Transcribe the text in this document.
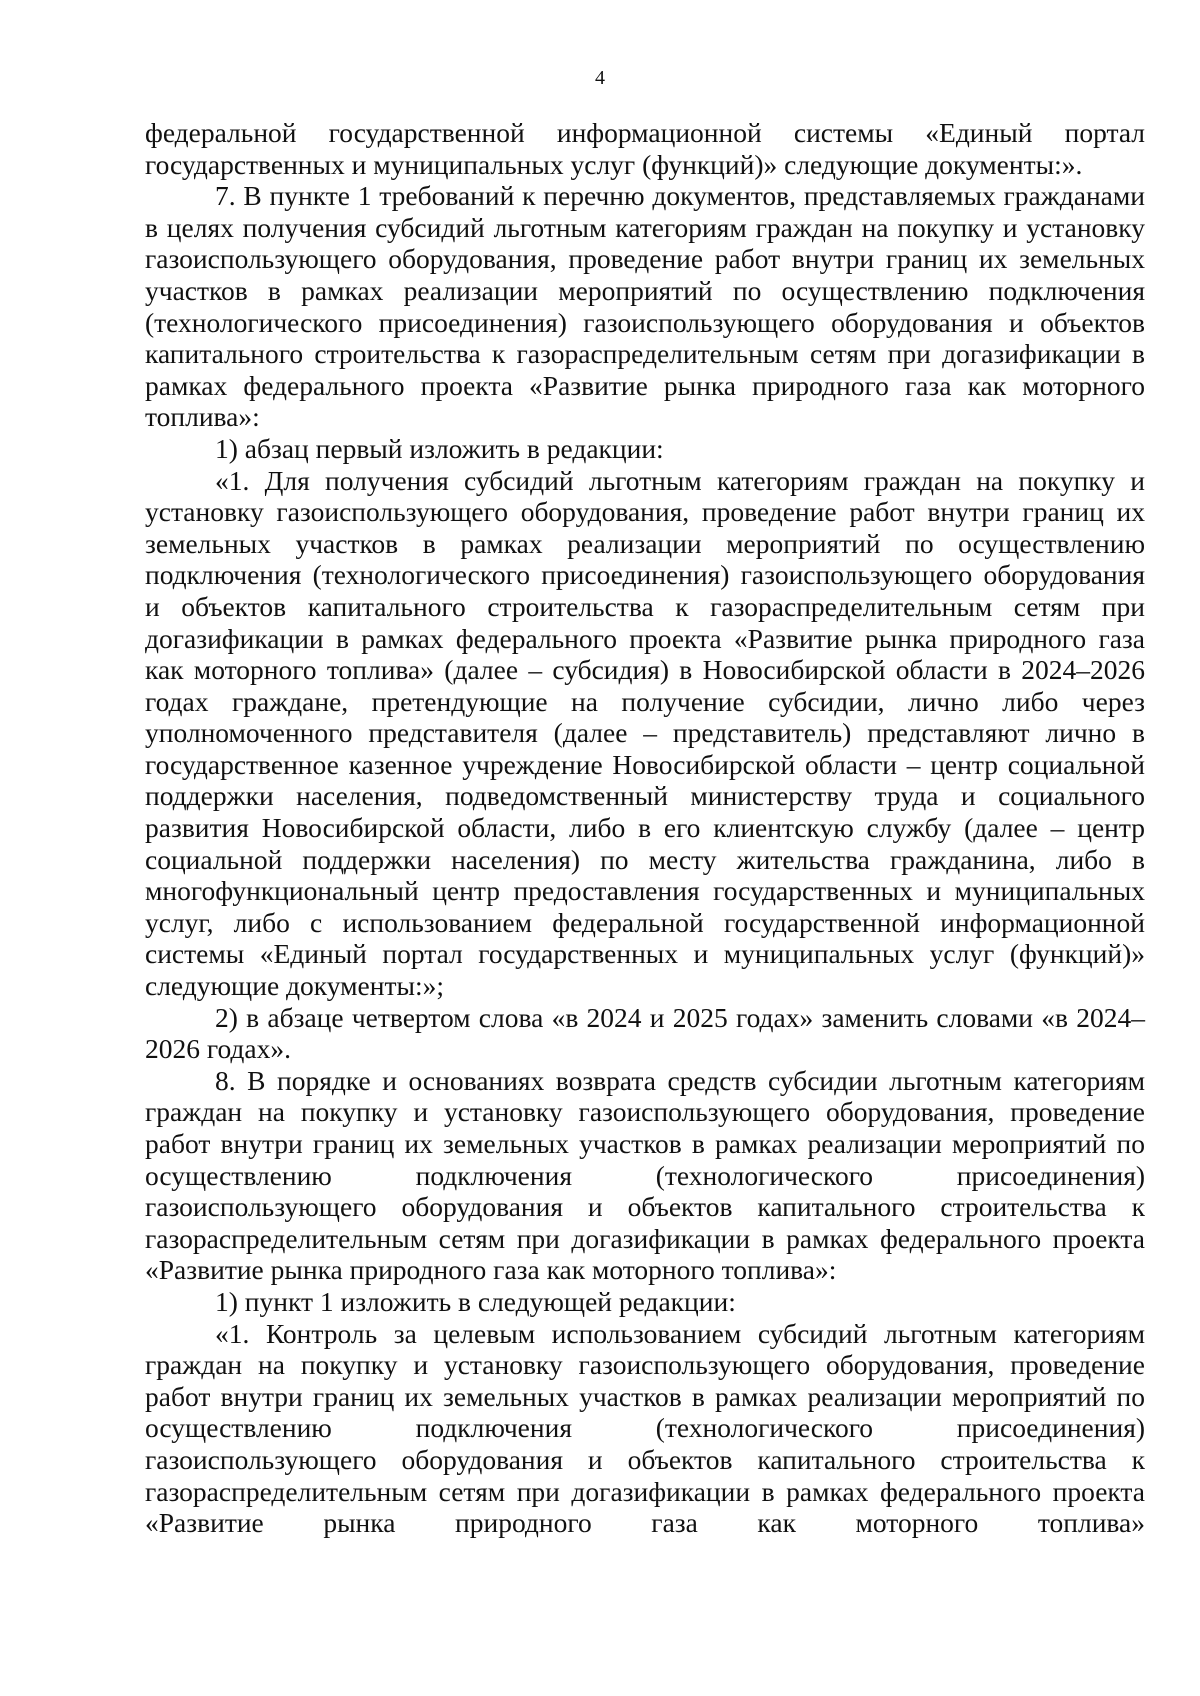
4

федеральной государственной информационной системы «Единый портал государственных и муниципальных услуг (функций)» следующие документы:».

7. В пункте 1 требований к перечню документов, представляемых гражданами в целях получения субсидий льготным категориям граждан на покупку и установку газоиспользующего оборудования, проведение работ внутри границ их земельных участков в рамках реализации мероприятий по осуществлению подключения (технологического присоединения) газоиспользующего оборудования и объектов капитального строительства к газораспределительным сетям при догазификации в рамках федерального проекта «Развитие рынка природного газа как моторного топлива»:

1) абзац первый изложить в редакции:

«1. Для получения субсидий льготным категориям граждан на покупку и установку газоиспользующего оборудования, проведение работ внутри границ их земельных участков в рамках реализации мероприятий по осуществлению подключения (технологического присоединения) газоиспользующего оборудования и объектов капитального строительства к газораспределительным сетям при догазификации в рамках федерального проекта «Развитие рынка природного газа как моторного топлива» (далее – субсидия) в Новосибирской области в 2024–2026 годах граждане, претендующие на получение субсидии, лично либо через уполномоченного представителя (далее – представитель) представляют лично в государственное казенное учреждение Новосибирской области – центр социальной поддержки населения, подведомственный министерству труда и социального развития Новосибирской области, либо в его клиентскую службу (далее – центр социальной поддержки населения) по месту жительства гражданина, либо в многофункциональный центр предоставления государственных и муниципальных услуг, либо с использованием федеральной государственной информационной системы «Единый портал государственных и муниципальных услуг (функций)» следующие документы:»;

2) в абзаце четвертом слова «в 2024 и 2025 годах» заменить словами «в 2024–2026 годах».

8. В порядке и основаниях возврата средств субсидии льготным категориям граждан на покупку и установку газоиспользующего оборудования, проведение работ внутри границ их земельных участков в рамках реализации мероприятий по осуществлению подключения (технологического присоединения) газоиспользующего оборудования и объектов капитального строительства к газораспределительным сетям при догазификации в рамках федерального проекта «Развитие рынка природного газа как моторного топлива»:

1) пункт 1 изложить в следующей редакции:

«1. Контроль за целевым использованием субсидий льготным категориям граждан на покупку и установку газоиспользующего оборудования, проведение работ внутри границ их земельных участков в рамках реализации мероприятий по осуществлению подключения (технологического присоединения) газоиспользующего оборудования и объектов капитального строительства к газораспределительным сетям при догазификации в рамках федерального проекта «Развитие рынка природного газа как моторного топлива»
